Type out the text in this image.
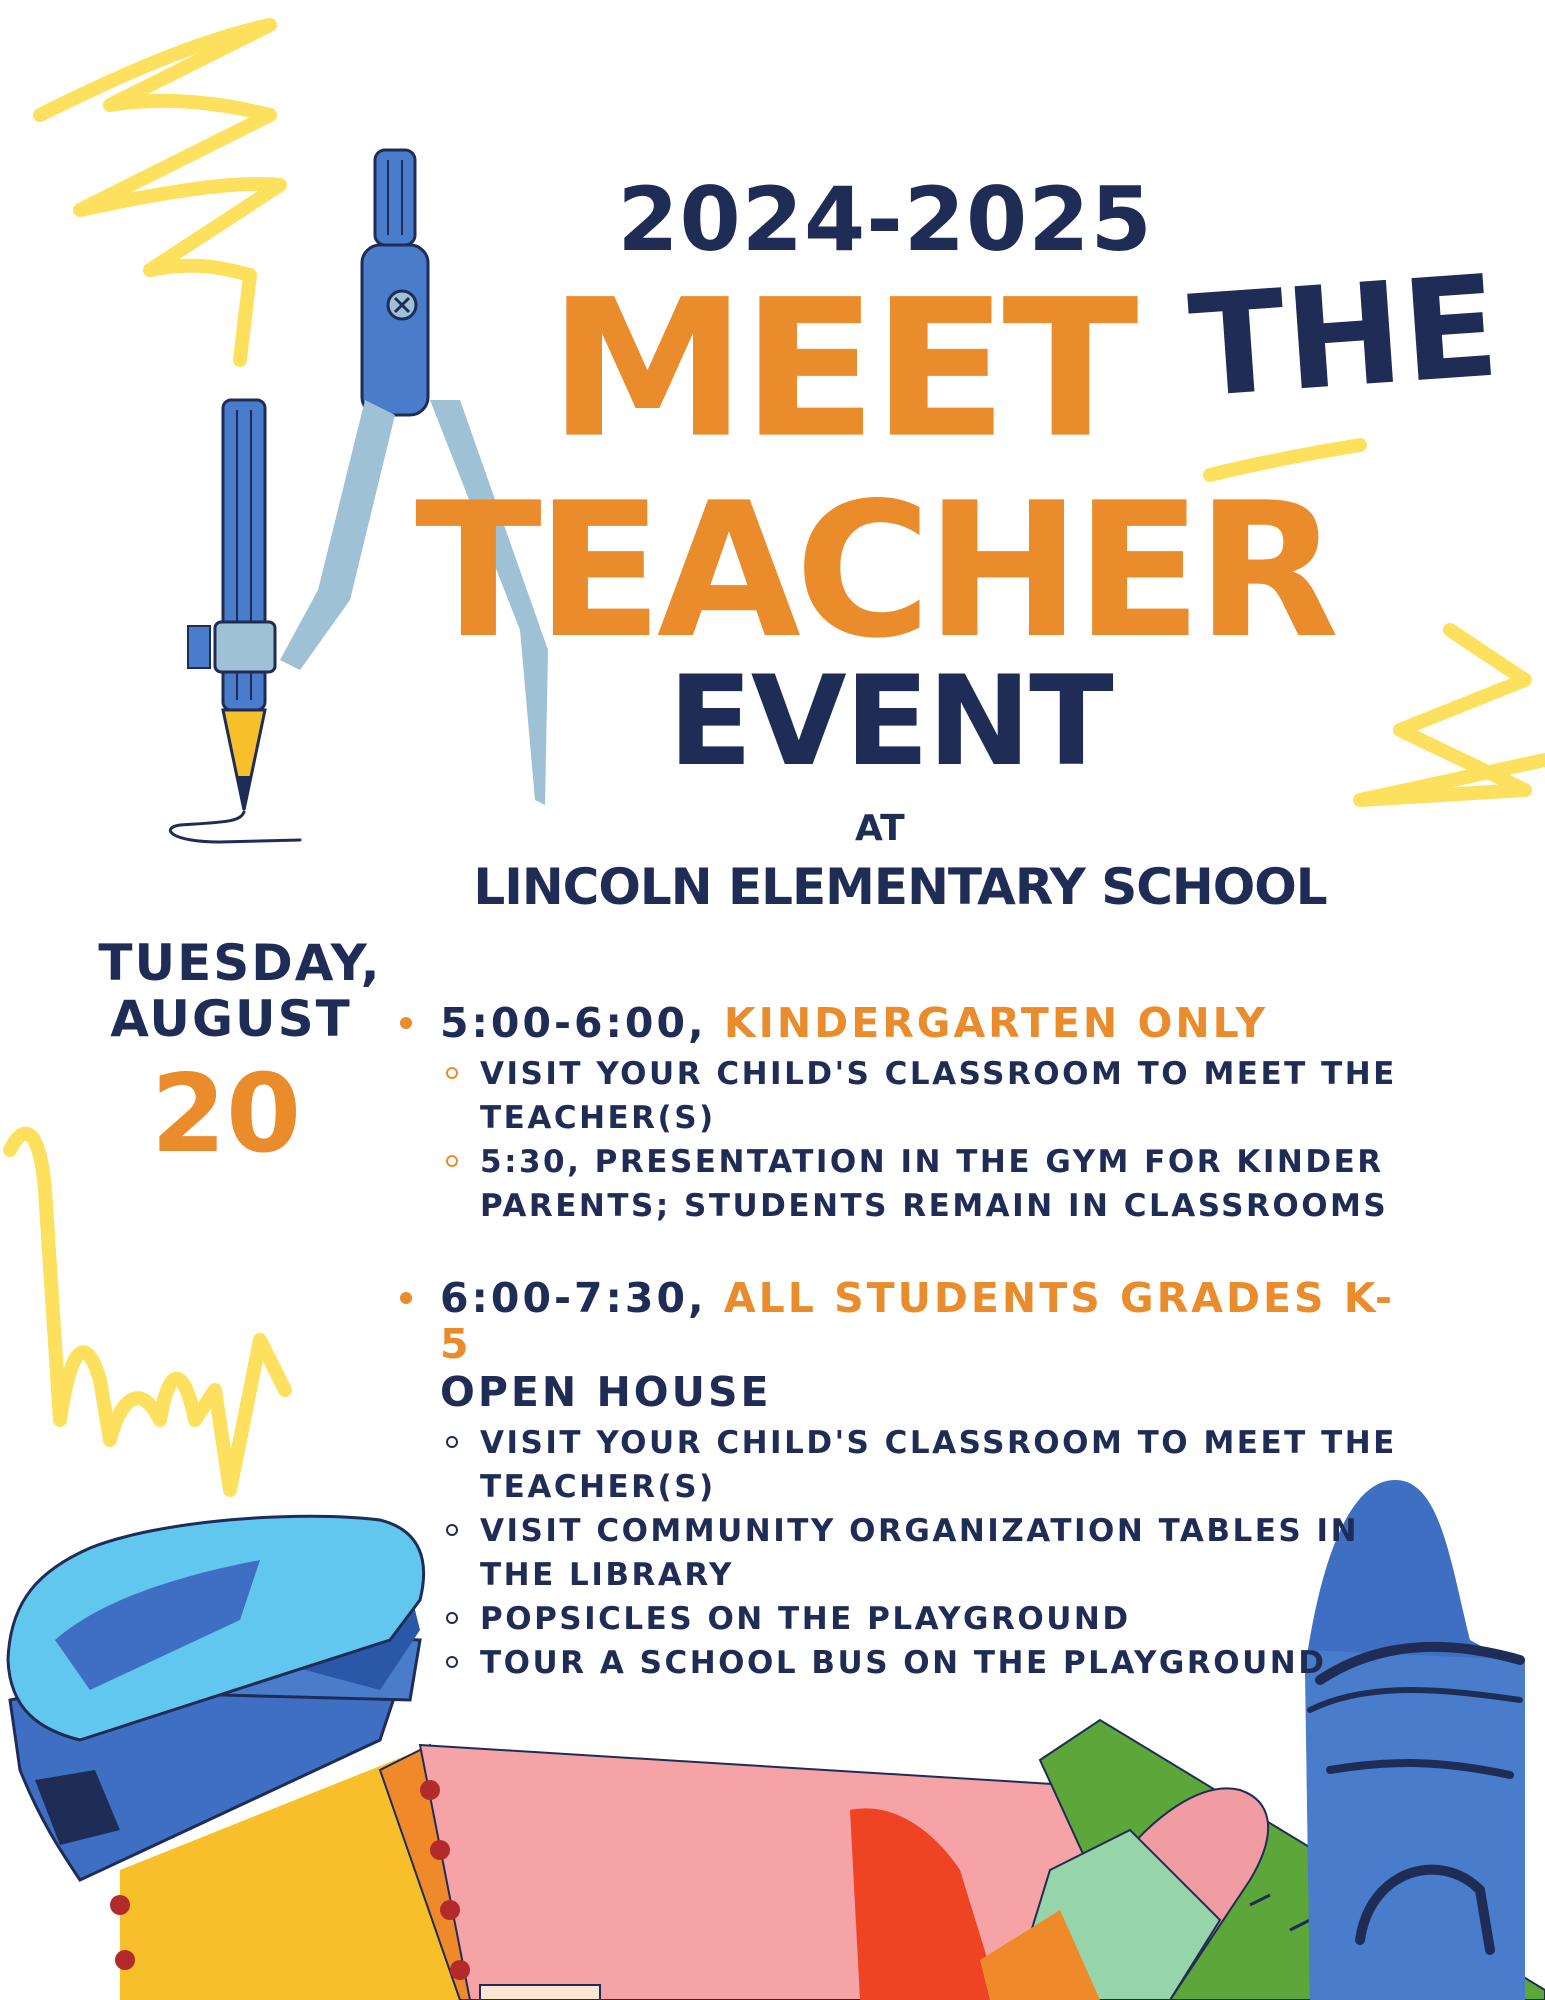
2024-2025
MEET THE
TEACHER
EVENT
AT
LINCOLN ELEMENTARY SCHOOL
TUESDAY,
AUGUST
20
5:00-6:00, KINDERGARTEN ONLY
VISIT YOUR CHILD'S CLASSROOM TO MEET THE TEACHER(S)
5:30, PRESENTATION IN THE GYM FOR KINDER PARENTS; STUDENTS REMAIN IN CLASSROOMS
6:00-7:30, ALL STUDENTS GRADES K-5
OPEN HOUSE
VISIT YOUR CHILD'S CLASSROOM TO MEET THE TEACHER(S)
VISIT COMMUNITY ORGANIZATION TABLES IN THE LIBRARY
POPSICLES ON THE PLAYGROUND
TOUR A SCHOOL BUS ON THE PLAYGROUND
